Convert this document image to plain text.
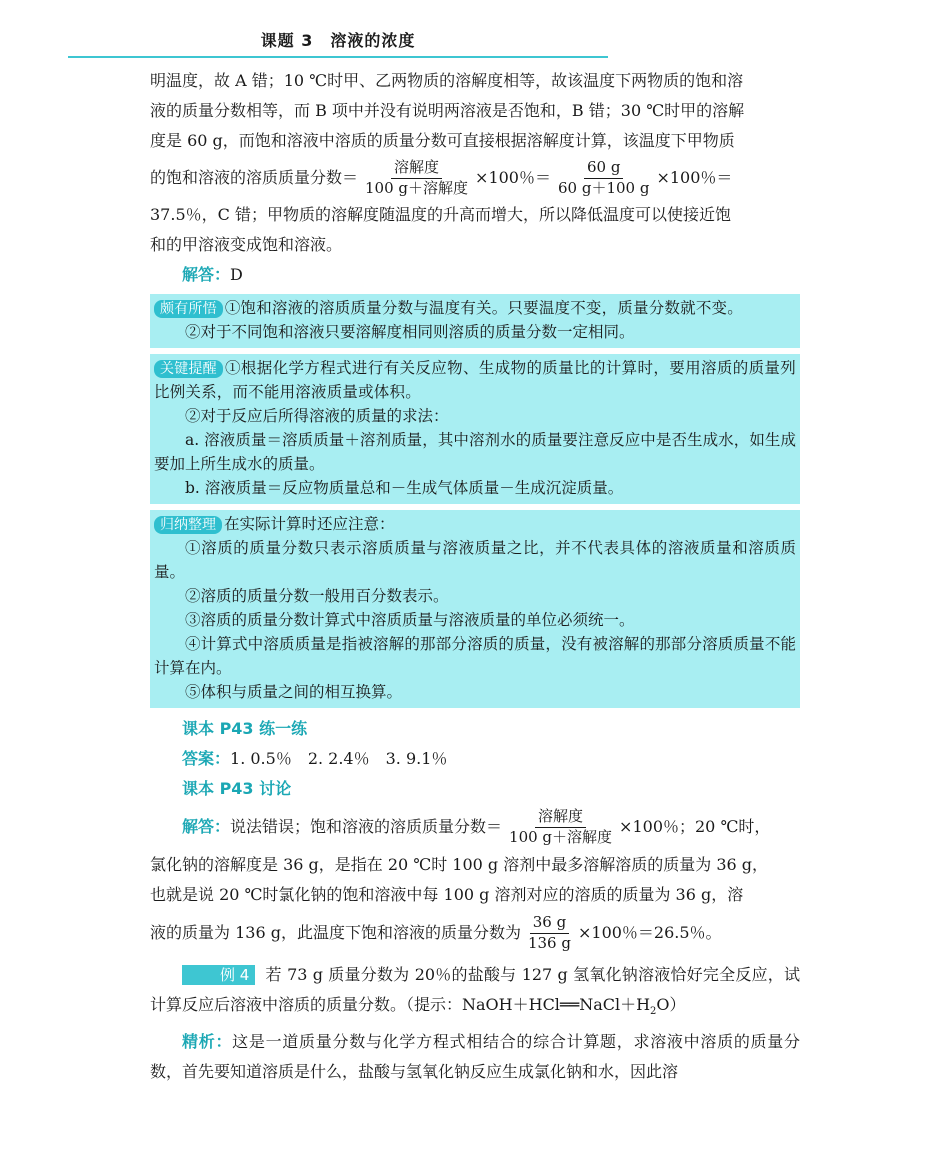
课题 3　溶液的浓度

明温度，故 A 错；10 ℃时甲、乙两物质的溶解度相等，故该温度下两物质的饱和溶

液的质量分数相等，而 B 项中并没有说明两溶液是否饱和，B 错；30 ℃时甲的溶解

度是 60 g，而饱和溶液中溶质的质量分数可直接根据溶解度计算，该温度下甲物质

的饱和溶液的溶质质量分数＝ $\frac{\text{溶解度}}{\text{100 g＋溶解度}} \times 100$％＝ $\frac{60 g}{60 g+100 g} \times 100$％＝

37.5％，C 错；甲物质的溶解度随温度的升高而增大，所以降低温度可以使接近饱

和的甲溶液变成饱和溶液。

解答：D

颇有所悟 ①饱和溶液的溶质质量分数与温度有关。只要温度不变，质量分数就不变。

②对于不同饱和溶液只要溶解度相同则溶质的质量分数一定相同。

关键提醒 ①根据化学方程式进行有关反应物、生成物的质量比的计算时，要用溶质的质量列比例关系，而不能用溶液质量或体积。

②对于反应后所得溶液的质量的求法：

a. 溶液质量＝溶质质量＋溶剂质量，其中溶剂水的质量要注意反应中是否生成水，如生成要加上所生成水的质量。

b. 溶液质量＝反应物质量总和－生成气体质量－生成沉淀质量。

归纳整理 在实际计算时还应注意：

①溶质的质量分数只表示溶质质量与溶液质量之比，并不代表具体的溶液质量和溶质质量。

②溶质的质量分数一般用百分数表示。

③溶质的质量分数计算式中溶质质量与溶液质量的单位必须统一。

④计算式中溶质质量是指被溶解的那部分溶质的质量，没有被溶解的那部分溶质质量不能计算在内。

⑤体积与质量之间的相互换算。

课本 P43 练一练

答案：1. 0.5％　2. 2.4％　3. 9.1％

课本 P43 讨论

解答： 说法错误；饱和溶液的溶质质量分数＝ $\frac{\text{溶解度}}{\text{100 g＋溶解度}} \times 100$％；20 ℃时，

氯化钠的溶解度是 36 g，是指在 20 ℃时 100 g 溶剂中最多溶解溶质的质量为 36 g，

也就是说 20 ℃时氯化钠的饱和溶液中每 100 g 溶剂对应的溶质的质量为 36 g，溶

液的质量为 136 g，此温度下饱和溶液的质量分数为 $\frac{36 g}{136 g} \times 100$％＝26.5％。

例 4 若 73 g 质量分数为 20％的盐酸与 127 g 氢氧化钠溶液恰好完全反应，试计算反应后溶液中溶质的质量分数。（提示：$NaOH+HCl══NaCl+H_2O$）

精析：这是一道质量分数与化学方程式相结合的综合计算题，求溶液中溶质的质量分数，首先要知道溶质是什么，盐酸与氢氧化钠反应生成氯化钠和水，因此溶
